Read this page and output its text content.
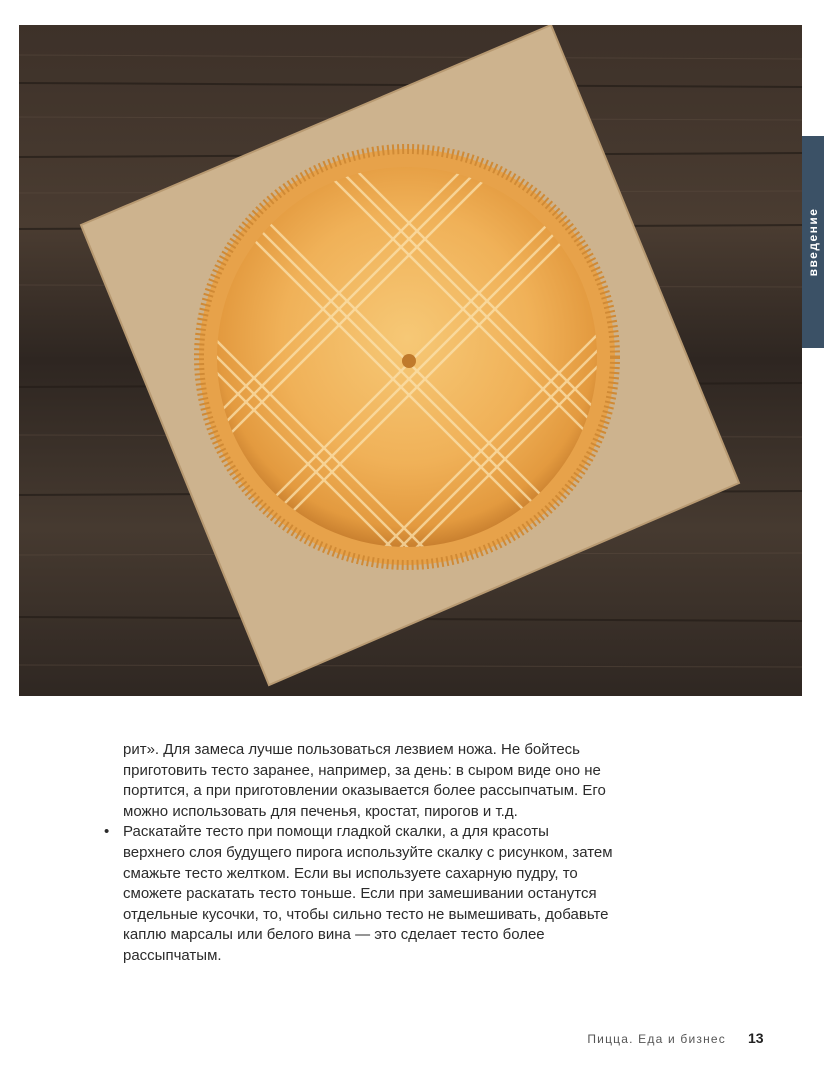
введение

рит». Для замеса лучше пользоваться лезвием ножа. Не бойтесь приготовить тесто заранее, например, за день: в сыром виде оно не портится, а при приготовлении оказывается более рассыпчатым. Его можно использовать для печенья, кростат, пирогов и т.д.

• Раскатайте тесто при помощи гладкой скалки, а для красоты верхнего слоя будущего пирога используйте скалку с рисунком, затем смажьте тесто желтком. Если вы используете сахарную пудру, то сможете раскатать тесто тоньше. Если при замешивании останутся отдельные кусочки, то, чтобы сильно тесто не вымешивать, добавьте каплю марсалы или белого вина — это сделает тесто более рассыпчатым.

Пицца. Еда и бизнес 13
